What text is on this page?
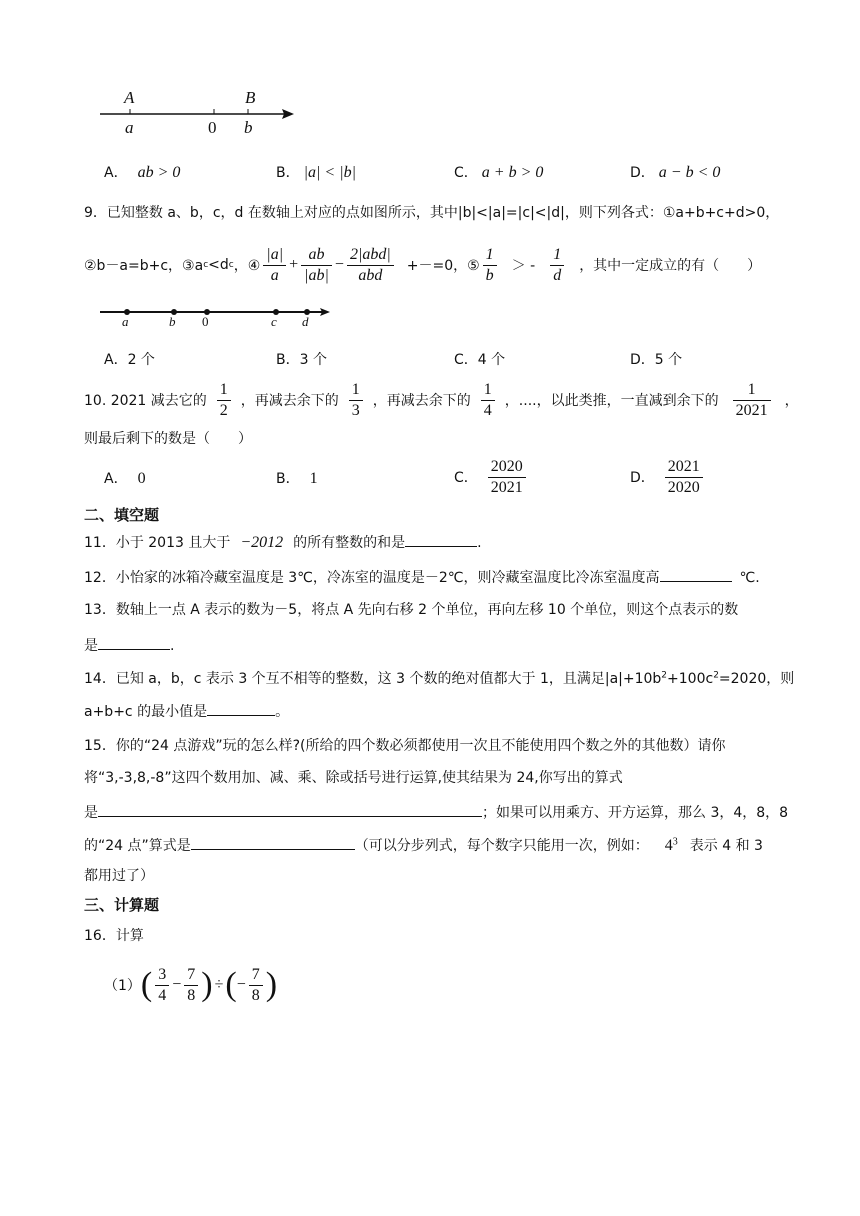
A	B
a	0 b
A． ab > 0	B． |a| < |b|	C． a + b > 0	D． a − b < 0
9．已知整数 a、b，c，d 在数轴上对应的点如图所示，其中|b|<|a|=|c|<|d|，则下列各式：①a+b+c+d>0，
②b－a=b+c，③a c <d c ，④ $\frac{|a|}{a} + \frac{ab}{|ab|} - \frac{\text{2|abd|}}{\text{abd}} +-=0$，⑤ $\frac{1}{b}$ ＞ - $\frac{1}{d}$ ，其中一定成立的有（　　）
a	b 0	c d
A．2 个	B．3 个	C．4 个	D．5 个
10. 2021 减去它的 $\frac{1}{2}$ ，再减去余下的 $\frac{1}{3}$ ，再减去余下的 $\frac{1}{4}$ ，....，以此类推，一直减到余下的 $\frac{1}{2021}$ ，
则最后剩下的数是（　　）
A． 0	B． 1	C． $\frac{2020}{2021}$	D． $\frac{2021}{2020}$
二、填空题
11．小于 2013 且大于 −2012 的所有整数的和是	.
12．小怡家的冰箱冷藏室温度是 3℃，冷冻室的温度是－2℃，则冷藏室温度比冷冻室温度高	℃.
13．数轴上一点 A 表示的数为－5，将点 A 先向右移 2 个单位，再向左移 10 个单位，则这个点表示的数
是	.
14．已知 a，b，c 表示 3 个互不相等的整数，这 3 个数的绝对值都大于 1，且满足$|a|+10b^2+100c^2=2020$，则
a+b+c 的最小值是	。
15．你的“24 点游戏”玩的怎么样?(所给的四个数必须都使用一次且不能使用四个数之外的其他数）请你
将“3,-3,8,-8”这四个数用加、减、乘、除或括号进行运算,使其结果为 24,你写出的算式
是	；如果可以用乘方、开方运算，那么 3，4，8，8
的“24 点”算式是	（可以分步列式，每个数字只能用一次，例如： $4^3$ 表示 4 和 3
都用过了）
三、计算题
16．计算
（1） ( $\frac{3}{4} - \frac{7}{8}$ ) ÷ ( − $\frac{7}{8}$ )
